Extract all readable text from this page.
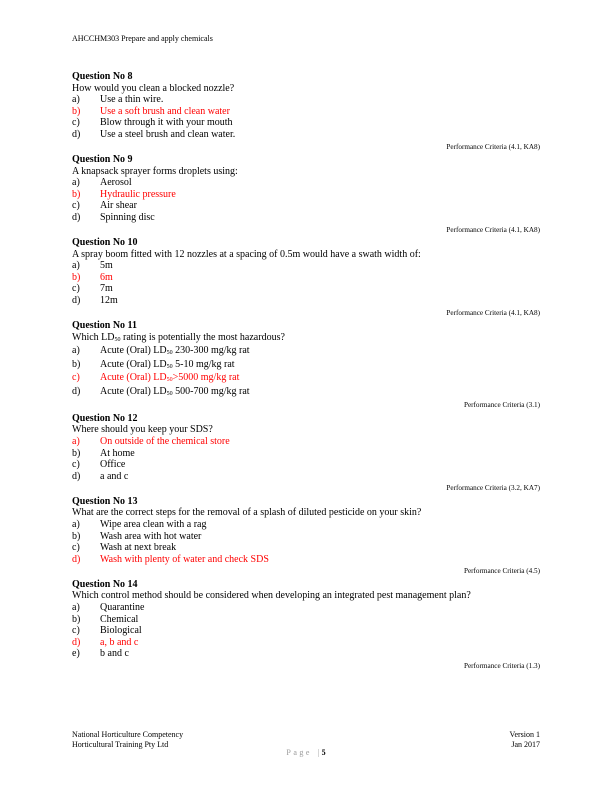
AHCCHM303 Prepare and apply chemicals
Question No 8
How would you clean a blocked nozzle?
a)	Use a thin wire.
b)	Use a soft brush and clean water
c)	Blow through it with your mouth
d)	Use a steel brush and clean water.
Performance Criteria (4.1, KA8)
Question No 9
A knapsack sprayer forms droplets using:
a)	Aerosol
b)	Hydraulic pressure
c)	Air shear
d)	Spinning disc
Performance Criteria (4.1, KA8)
Question No 10
A spray boom fitted with 12 nozzles at a spacing of 0.5m would have a swath width of:
a)	5m
b)	6m
c)	7m
d)	12m
Performance Criteria (4.1, KA8)
Question No 11
Which $LD_{50}$ rating is potentially the most hazardous?
a)	Acute (Oral) $LD_{50}$ 230-300 mg/kg rat
b)	Acute (Oral) $LD_{50}$ 5-10 mg/kg rat
c)	Acute (Oral) $LD_{50}>5000$ mg/kg rat
d)	Acute (Oral) $LD_{50}$ 500-700 mg/kg rat
Performance Criteria (3.1)
Question No 12
Where should you keep your SDS?
a)	On outside of the chemical store
b)	At home
c)	Office
d)	a and c
Performance Criteria (3.2, KA7)
Question No 13
What are the correct steps for the removal of a splash of diluted pesticide on your skin?
a)	Wipe area clean with a rag
b)	Wash area with hot water
c)	Wash at next break
d)	Wash with plenty of water and check SDS
Performance Criteria (4.5)
Question No 14
Which control method should be considered when developing an integrated pest management plan?
a)	Quarantine
b)	Chemical
c)	Biological
d)	a, b and c
e)	b and c
Performance Criteria (1.3)
National Horticulture Competency
Horticultural Training Pty Ltd
Version 1
Jan 2017
Page | 5
